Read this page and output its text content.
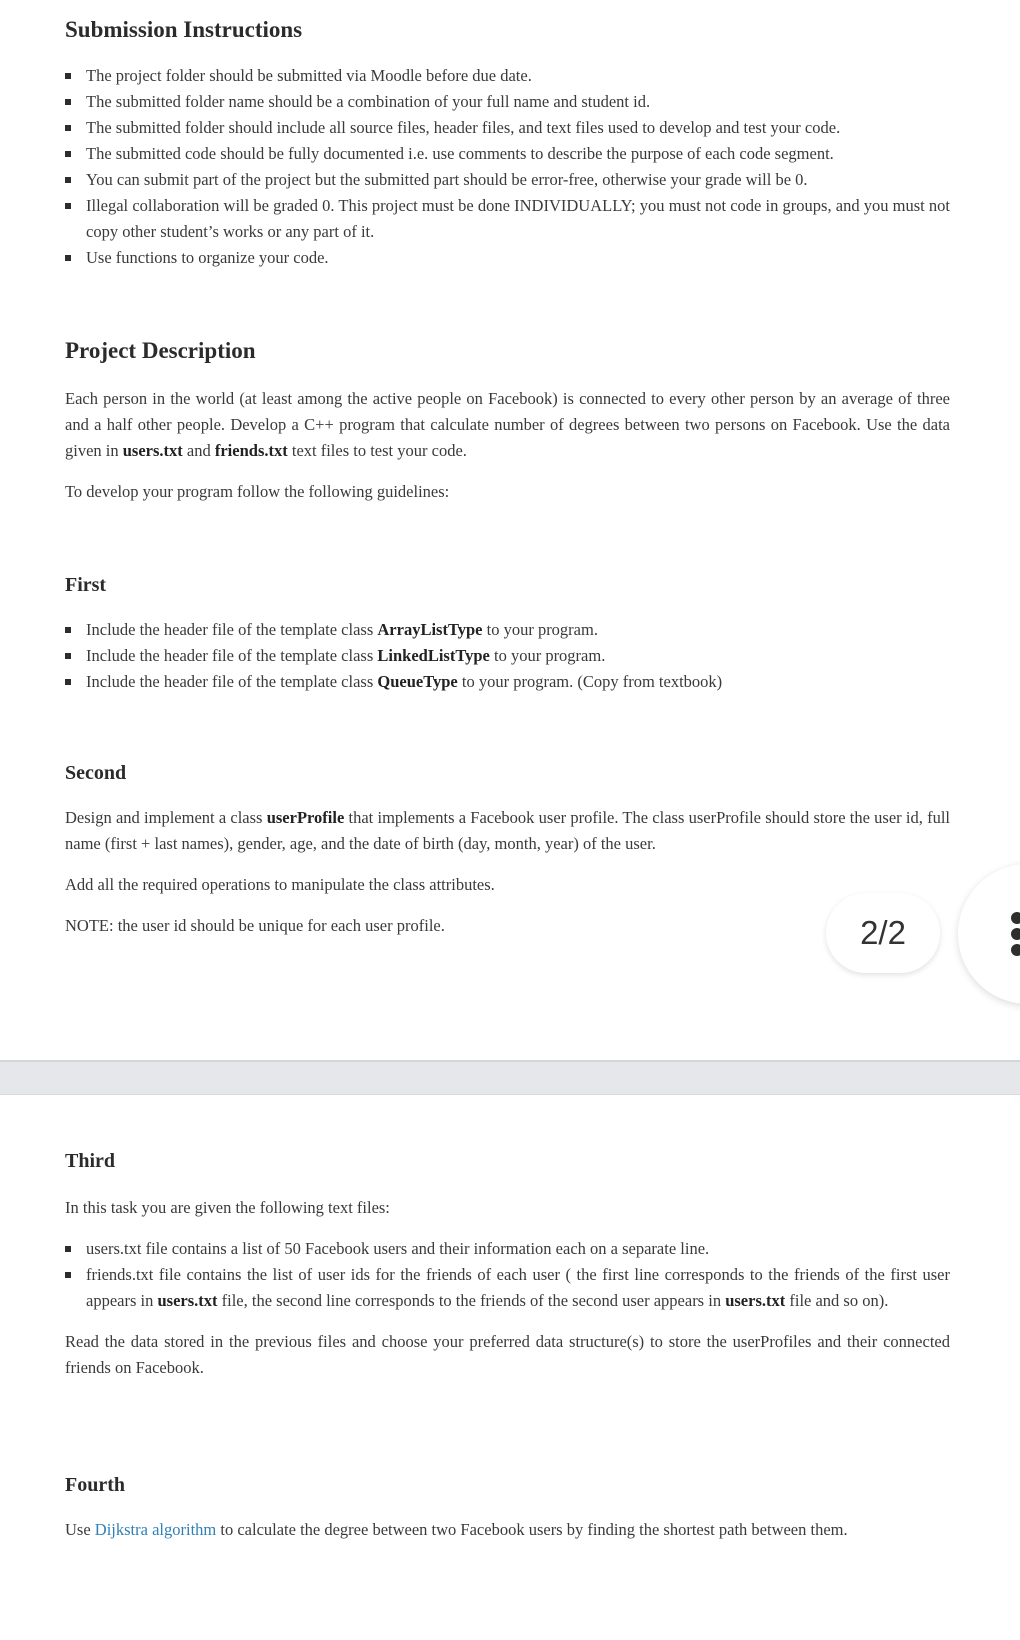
Submission Instructions
The project folder should be submitted via Moodle before due date.
The submitted folder name should be a combination of your full name and student id.
The submitted folder should include all source files, header files, and text files used to develop and test your code.
The submitted code should be fully documented i.e. use comments to describe the purpose of each code segment.
You can submit part of the project but the submitted part should be error-free, otherwise your grade will be 0.
Illegal collaboration will be graded 0. This project must be done INDIVIDUALLY; you must not code in groups, and you must not copy other student’s works or any part of it.
Use functions to organize your code.
Project Description

Each person in the world (at least among the active people on Facebook) is connected to every other person by an average of three and a half other people. Develop a C++ program that calculate number of degrees between two persons on Facebook. Use the data given in users.txt and friends.txt text files to test your code.

To develop your program follow the following guidelines:

First
Include the header file of the template class ArrayListType to your program.
Include the header file of the template class LinkedListType to your program.
Include the header file of the template class QueueType to your program. (Copy from textbook)
Second

Design and implement a class userProfile that implements a Facebook user profile. The class userProfile should store the user id, full name (first + last names), gender, age, and the date of birth (day, month, year) of the user.

Add all the required operations to manipulate the class attributes.

NOTE: the user id should be unique for each user profile.	2/2
Third

In this task you are given the following text files:

users.txt file contains a list of 50 Facebook users and their information each on a separate line.
friends.txt file contains the list of user ids for the friends of each user ( the first line corresponds to the friends of the first user appears in users.txt file, the second line corresponds to the friends of the second user appears in users.txt file and so on).

Read the data stored in the previous files and choose your preferred data structure(s) to store the userProfiles and their connected friends on Facebook.

Fourth

Use Dijkstra algorithm to calculate the degree between two Facebook users by finding the shortest path between them.
